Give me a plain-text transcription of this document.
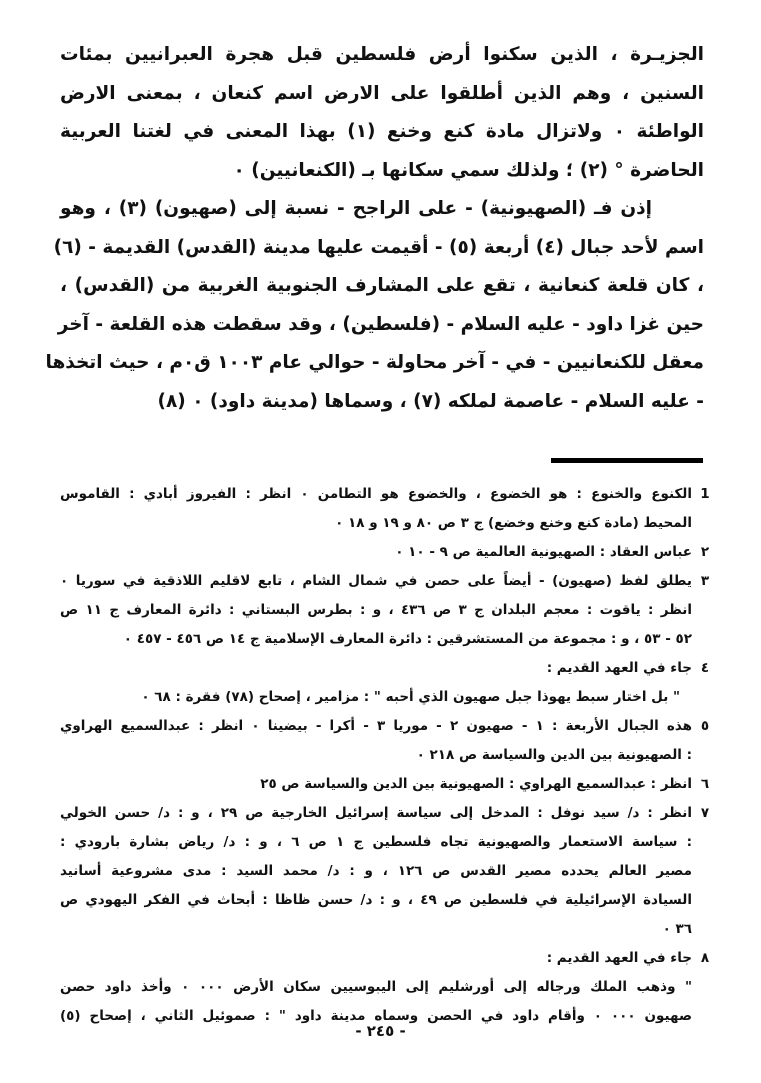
الجزيـرة ، الذين سكنوا أرض فلسطين قبل هجرة العبرانيين بمئات
السنين ، وهم الذين أطلقوا على الارض اسم كنعان ، بمعنى الارض
الواطئة ٠ ولاتزال مادة كنع وخنع (١) بهذا المعنى في لغتنا العربية
الحاضرة ° (٢) ؛ ولذلك سمي سكانها بـ (الكنعانيين) ٠
إذن فـ (الصهيونية) - على الراجح - نسبة إلى (صهيون) (٣) ، وهو
اسم لأحد جبال (٤) أربعة (٥) - أقيمت عليها مدينة (القدس) القديمة - (٦)
، كان قلعة كنعانية ، تقع على المشارف الجنوبية الغربية من (القدس) ،
حين غزا داود - عليه السلام - (فلسطين) ، وقد سقطت هذه القلعة - آخر
معقل للكنعانيين - في - آخر محاولة - حوالي عام ١٠٠٣ ق٠م ، حيث اتخذها
- عليه السلام - عاصمة لملكه (٧) ، وسماها (مدينة داود) ٠ (٨)
1
الكنوع والخنوع : هو الخضوع ، والخضوع هو التطامن ٠ انظر : الفيروز أبادي : القاموس
المحيط (مادة كنع وخنع وخضع) ج ٣ ص ٨٠ و ١٩ و ١٨ ٠
٢
عباس العقاد : الصهيونية العالمية ص ٩ - ١٠ ٠
٣
يطلق لفظ (صهيون) - أيضاً على حصن في شمال الشام ، تابع لاقليم اللاذقية في سوريا ٠
انظر : ياقوت : معجم البلدان ج ٣ ص ٤٣٦ ، و : بطرس البستاني : دائرة المعارف ج ١١ ص
٥٢ - ٥٣ ، و : مجموعة من المستشرقين : دائرة المعارف الإسلامية ج ١٤ ص ٤٥٦ - ٤٥٧ ٠
٤
جاء في العهد القديم :
" بل اختار سبط يهوذا جبل صهيون الذي أحبه " : مزامير ، إصحاح (٧٨) فقرة : ٦٨ ٠
٥
هذه الجبال الأربعة : ١ - صهيون ٢ - موريا ٣ - أكرا - بيضينا ٠ انظر : عبدالسميع الهراوي
: الصهيونية بين الدين والسياسة ص ٢١٨ ٠
٦
انظر : عبدالسميع الهراوي : الصهيونية بين الدين والسياسة ص ٢٥
٧
انظر : د/ سيد نوفل : المدخل إلى سياسة إسرائيل الخارجية ص ٢٩ ، و : د/ حسن الخولي
: سياسة الاستعمار والصهيونية تجاه فلسطين ج ١ ص ٦ ، و : د/ رياض بشارة بارودي :
مصير العالم يحدده مصير القدس ص ١٢٦ ، و : د/ محمد السيد : مدى مشروعية أسانيد
السيادة الإسرائيلية في فلسطين ص ٤٩ ، و : د/ حسن ظاظا : أبحاث في الفكر اليهودي ص
٣٦ ٠
٨
جاء في العهد القديم :
" وذهب الملك ورجاله إلى أورشليم إلى اليبوسيين سكان الأرض ٠٠٠ ٠ وأخذ داود حصن
صهيون ٠٠٠ ٠ وأقام داود في الحصن وسماه مدينة داود " : صموئيل الثاني ، إصحاح (٥)
- ٢٤٥ -
